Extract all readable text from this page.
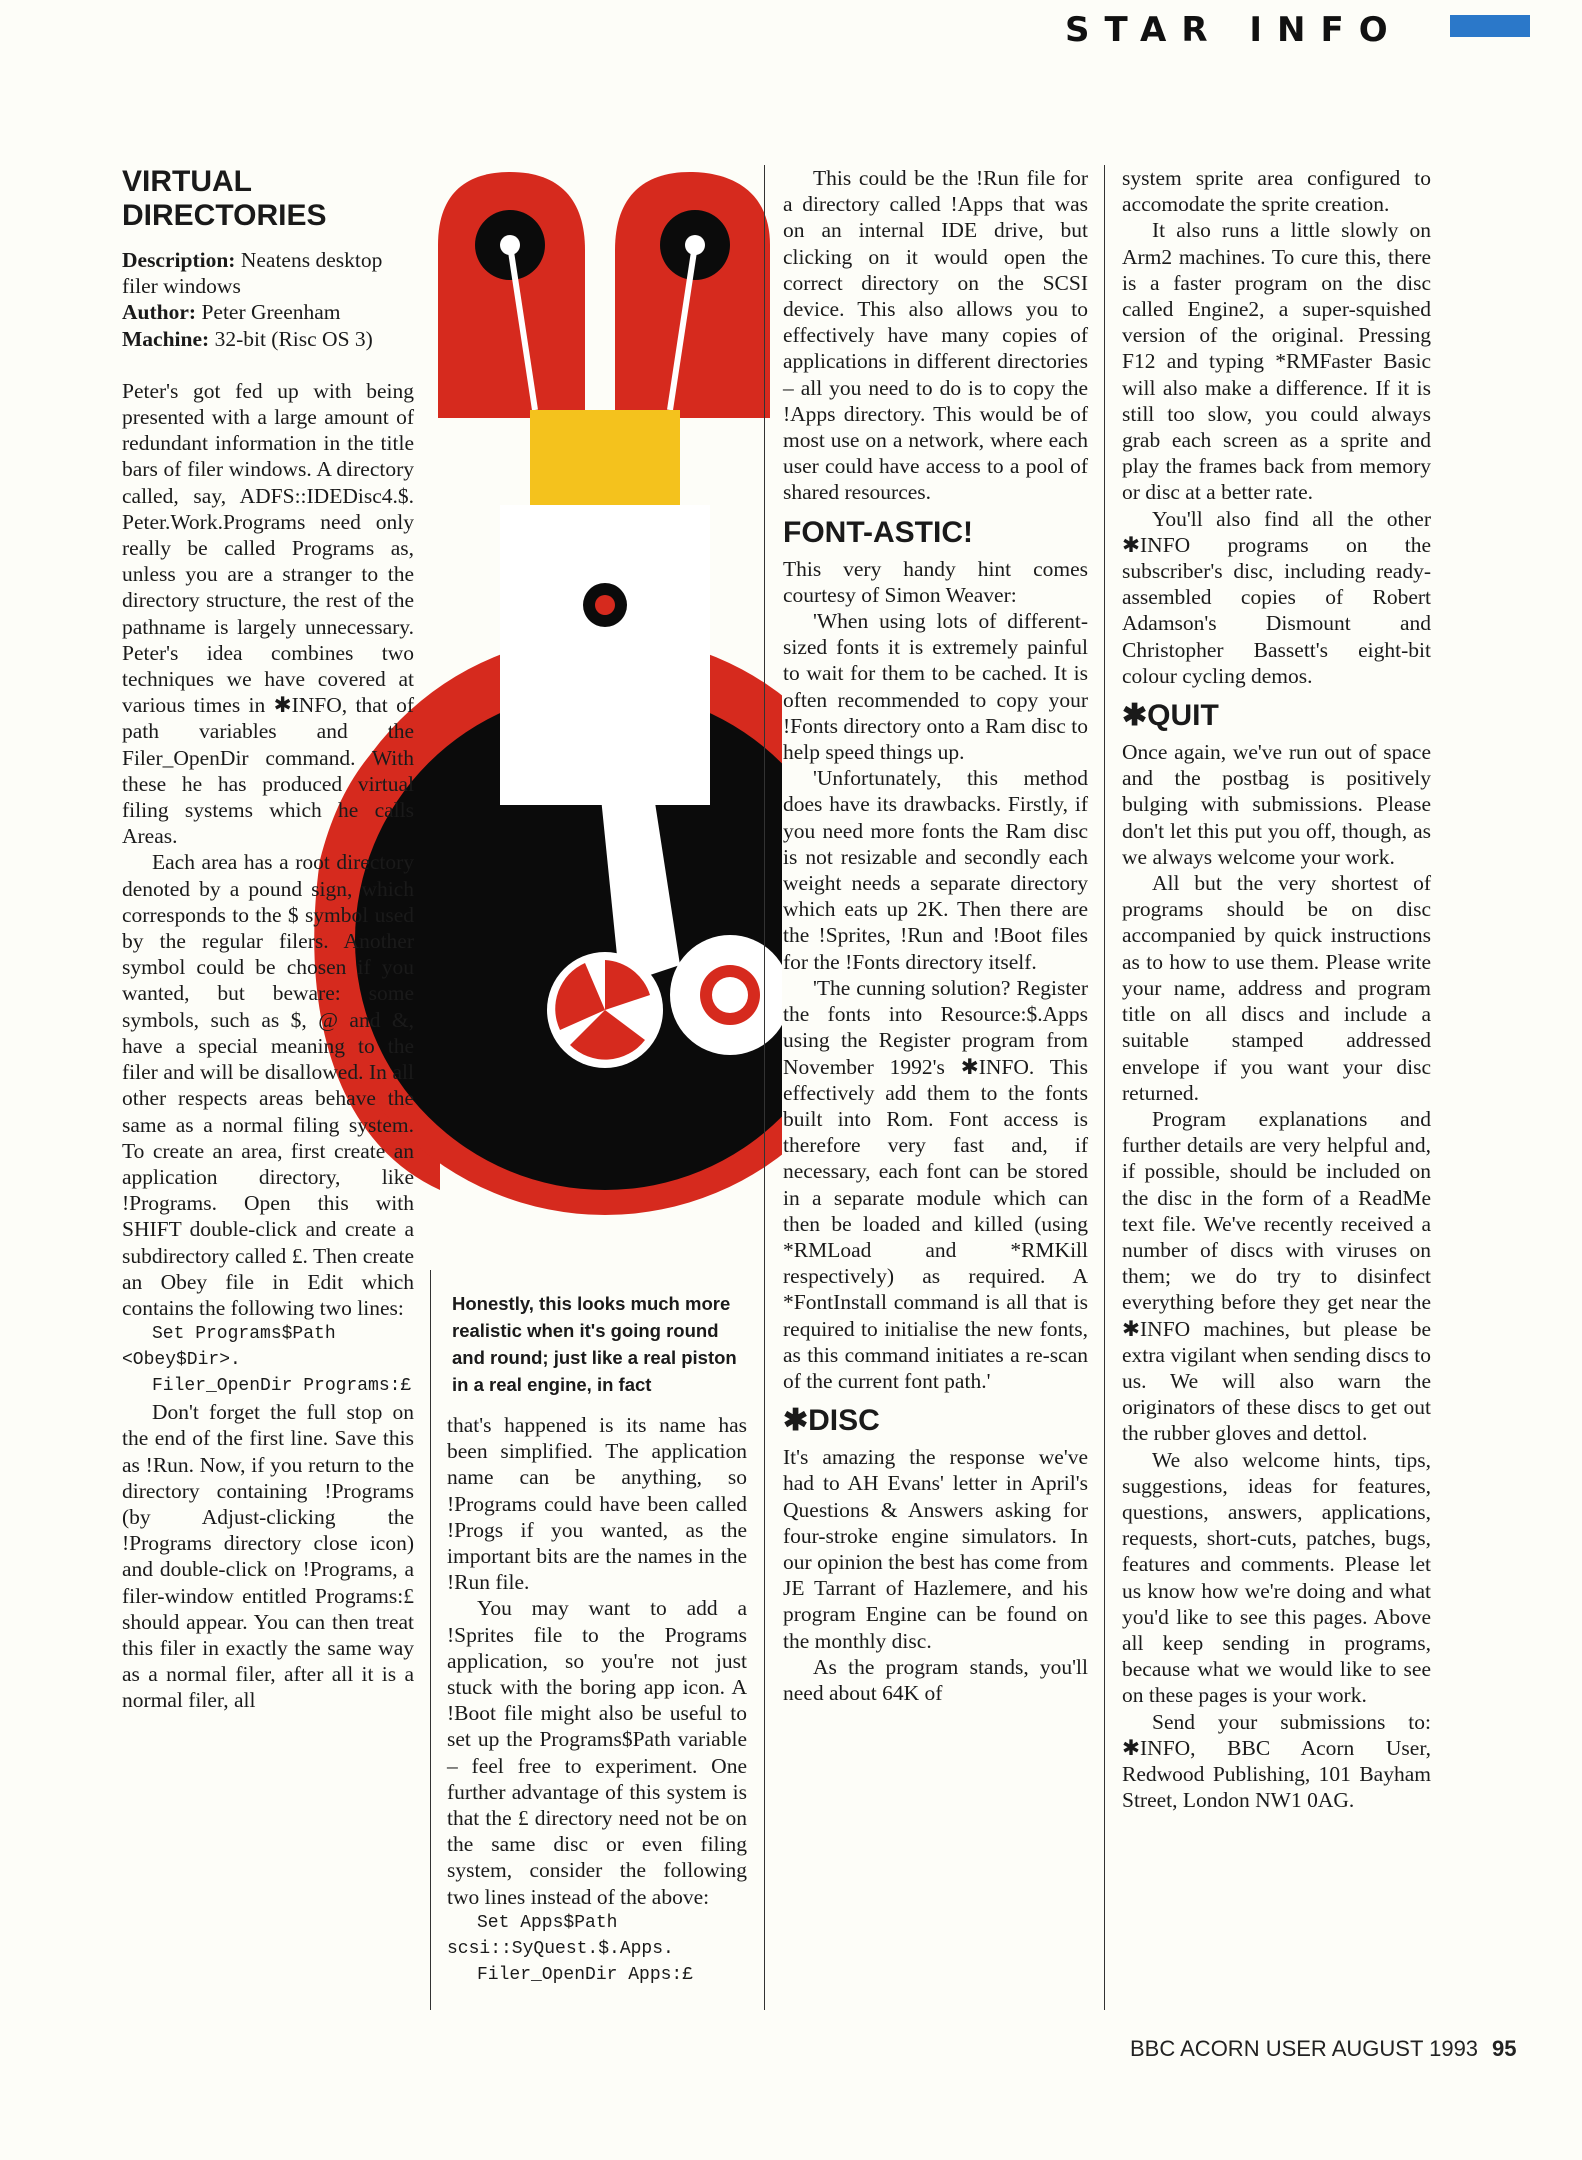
STAR INFO
VIRTUAL DIRECTORIES

Description: Neatens desktop filer windows

Author: Peter Greenham

Machine: 32-bit (Risc OS 3)

Peter's got fed up with being presented with a large amount of redundant information in the title bars of filer windows. A directory called, say, ADFS::IDEDisc4.$. Peter.Work.Programs need only really be called Programs as, unless you are a stranger to the directory structure, the rest of the pathname is largely unnecessary. Peter's idea combines two techniques we have covered at various times in ✱INFO, that of path variables and the Filer_OpenDir command. With these he has produced virtual filing systems which he calls Areas.

Each area has a root directory denoted by a pound sign, which corresponds to the $ symbol used by the regular filers. Another symbol could be chosen if you wanted, but beware: some symbols, such as $, @ and &, have a special meaning to the filer and will be disallowed. In all other respects areas behave the same as a normal filing system. To create an area, first create an application directory, like !Programs. Open this with SHIFT double-click and create a subdirectory called £. Then create an Obey file in Edit which contains the following two lines:

Set Programs$Path <Obey$Dir>.

Filer_OpenDir Programs:£

Don't forget the full stop on the end of the first line. Save this as !Run. Now, if you return to the directory containing !Programs (by Adjust-clicking the !Programs directory close icon) and double-click on !Programs, a filer-window entitled Programs:£ should appear. You can then treat this filer in exactly the same way as a normal filer, after all it is a normal filer, all

Honestly, this looks much more realistic when it's going round and round; just like a real piston in a real engine, in fact

that's happened is its name has been simplified. The application name can be anything, so !Programs could have been called !Progs if you wanted, as the important bits are the names in the !Run file.

You may want to add a !Sprites file to the Programs application, so you're not just stuck with the boring app icon. A !Boot file might also be useful to set up the Programs$Path variable – feel free to experiment. One further advantage of this system is that the £ directory need not be on the same disc or even filing system, consider the following two lines instead of the above:

Set Apps$Path scsi::SyQuest.$.Apps.

Filer_OpenDir Apps:£

This could be the !Run file for a directory called !Apps that was on an internal IDE drive, but clicking on it would open the correct directory on the SCSI device. This also allows you to effectively have many copies of applications in different directories – all you need to do is to copy the !Apps directory. This would be of most use on a network, where each user could have access to a pool of shared resources.

FONT-ASTIC!

This very handy hint comes courtesy of Simon Weaver:

'When using lots of different-sized fonts it is extremely painful to wait for them to be cached. It is often recommended to copy your !Fonts directory onto a Ram disc to help speed things up.

'Unfortunately, this method does have its drawbacks. Firstly, if you need more fonts the Ram disc is not resizable and secondly each weight needs a separate directory which eats up 2K. Then there are the !Sprites, !Run and !Boot files for the !Fonts directory itself.

'The cunning solution? Register the fonts into Resource:$.Apps using the Register program from November 1992's ✱INFO. This effectively add them to the fonts built into Rom. Font access is therefore very fast and, if necessary, each font can be stored in a separate module which can then be loaded and killed (using *RMLoad and *RMKill respectively) as required. A *FontInstall command is all that is required to initialise the new fonts, as this command initiates a re-scan of the current font path.'

✱DISC

It's amazing the response we've had to AH Evans' letter in April's Questions & Answers asking for four-stroke engine simulators. In our opinion the best has come from JE Tarrant of Hazlemere, and his program Engine can be found on the monthly disc.

As the program stands, you'll need about 64K of

system sprite area configured to accomodate the sprite creation.

It also runs a little slowly on Arm2 machines. To cure this, there is a faster program on the disc called Engine2, a super-squished version of the original. Pressing F12 and typing *RMFaster Basic will also make a difference. If it is still too slow, you could always grab each screen as a sprite and play the frames back from memory or disc at a better rate.

You'll also find all the other ✱INFO programs on the subscriber's disc, including ready-assembled copies of Robert Adamson's Dismount and Christopher Bassett's eight-bit colour cycling demos.

✱QUIT

Once again, we've run out of space and the postbag is positively bulging with submissions. Please don't let this put you off, though, as we always welcome your work.

All but the very shortest of programs should be on disc accompanied by quick instructions as to how to use them. Please write your name, address and program title on all discs and include a suitable stamped addressed envelope if you want your disc returned.

Program explanations and further details are very helpful and, if possible, should be included on the disc in the form of a ReadMe text file. We've recently received a number of discs with viruses on them; we do try to disinfect everything before they get near the ✱INFO machines, but please be extra vigilant when sending discs to us. We will also warn the originators of these discs to get out the rubber gloves and dettol.

We also welcome hints, tips, suggestions, ideas for features, questions, answers, applications, requests, short-cuts, patches, bugs, features and comments. Please let us know how we're doing and what you'd like to see this pages. Above all keep sending in programs, because what we would like to see on these pages is your work.

Send your submissions to: ✱INFO, BBC Acorn User, Redwood Publishing, 101 Bayham Street, London NW1 0AG.

BBC ACORN USER AUGUST 1993 95
